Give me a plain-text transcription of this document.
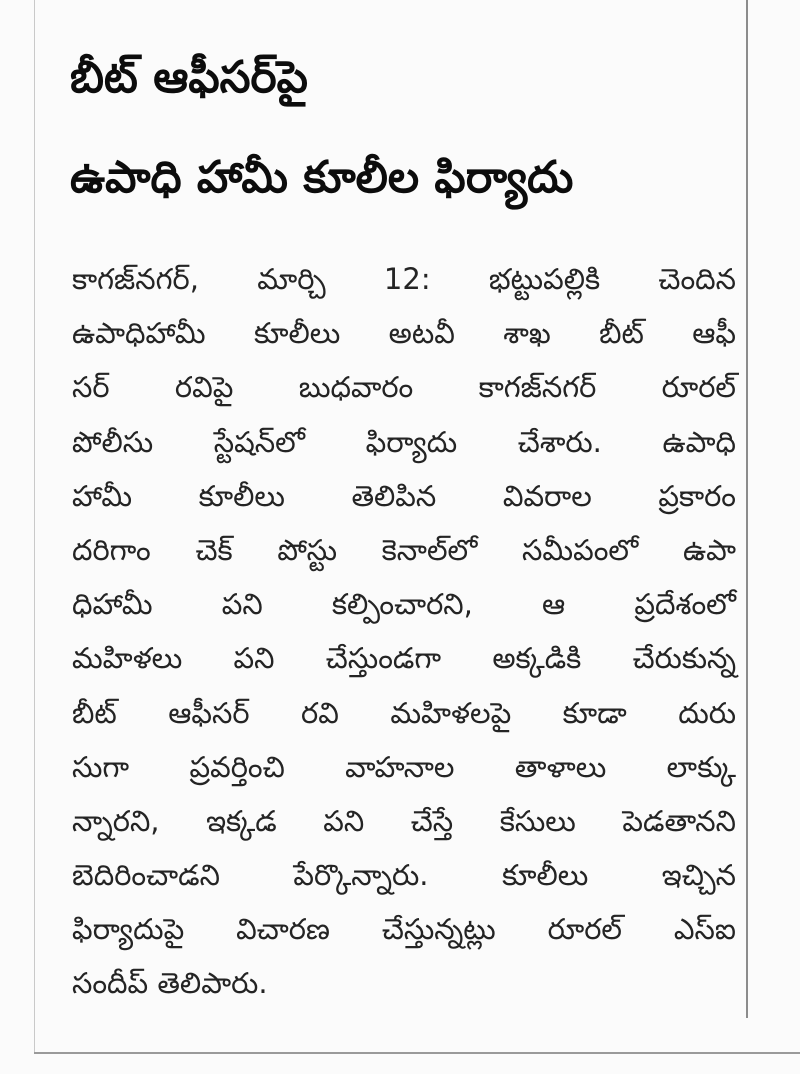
బీట్ ఆఫీసర్‌పై
ఉపాధి హామీ కూలీల ఫిర్యాదు
కాగజ్‌నగర్, మార్చి 12: భట్టుపల్లికి చెందిన
ఉపాధిహామీ కూలీలు అటవీ శాఖ బీట్ ఆఫీ
సర్ రవిపై బుధవారం కాగజ్‌నగర్ రూరల్
పోలీసు స్టేషన్‌లో ఫిర్యాదు చేశారు. ఉపాధి
హామీ కూలీలు తెలిపిన వివరాల ప్రకారం
దరిగాం చెక్ పోస్టు కెనాల్‌లో సమీపంలో ఉపా
ధిహామీ పని కల్పించారని, ఆ ప్రదేశంలో
మహిళలు పని చేస్తుండగా అక్కడికి చేరుకున్న
బీట్ ఆఫీసర్ రవి మహిళలపై కూడా దురు
సుగా ప్రవర్తించి వాహనాల తాళాలు లాక్కు
న్నారని, ఇక్కడ పని చేస్తే కేసులు పెడతానని
బెదిరించాడని పేర్కొన్నారు. కూలీలు ఇచ్చిన
ఫిర్యాదుపై విచారణ చేస్తున్నట్లు రూరల్ ఎస్ఐ
సందీప్ తెలిపారు.
